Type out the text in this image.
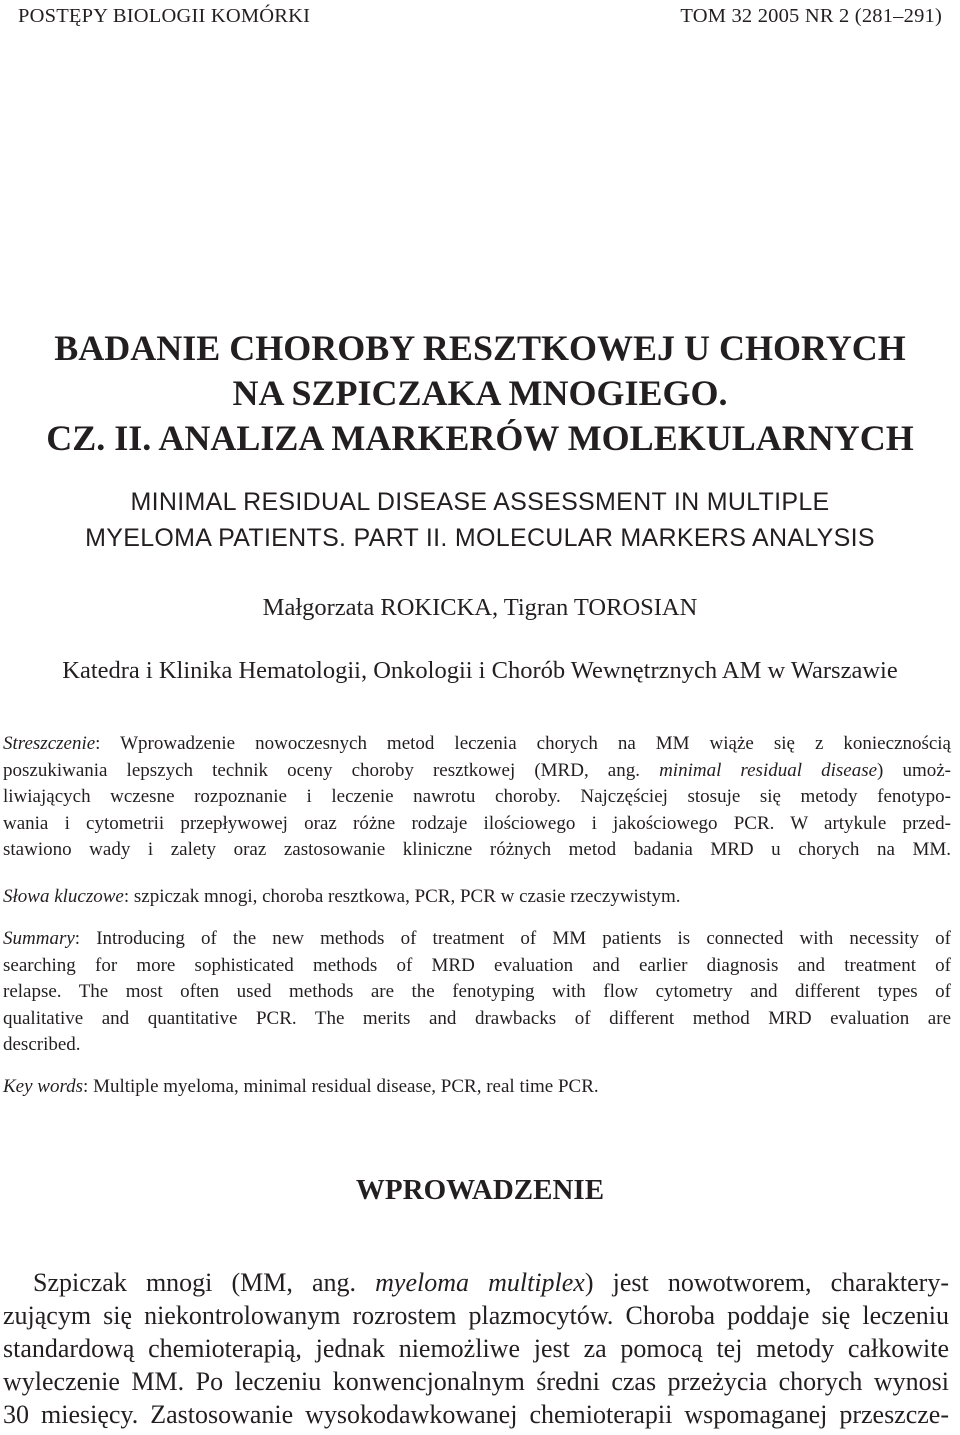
POSTĘPY BIOLOGII KOMÓRKI	TOM 32 2005 NR 2 (281–291)
BADANIE CHOROBY RESZTKOWEJ U CHORYCH
NA SZPICZAKA MNOGIEGO.
CZ. II. ANALIZA MARKERÓW MOLEKULARNYCH
MINIMAL RESIDUAL DISEASE ASSESSMENT IN MULTIPLE
MYELOMA PATIENTS. PART II. MOLECULAR MARKERS ANALYSIS
Małgorzata ROKICKA, Tigran TOROSIAN
Katedra i Klinika Hematologii, Onkologii i Chorób Wewnętrznych AM w Warszawie
Streszczenie: Wprowadzenie nowoczesnych metod leczenia chorych na MM wiąże się z koniecznością
poszukiwania lepszych technik oceny choroby resztkowej (MRD, ang. minimal residual disease) umoż-
liwiających wczesne rozpoznanie i leczenie nawrotu choroby. Najczęściej stosuje się metody fenotypo-
wania i cytometrii przepływowej oraz różne rodzaje ilościowego i jakościowego PCR. W artykule przed-
stawiono wady i zalety oraz zastosowanie kliniczne różnych metod badania MRD u chorych na MM.
Słowa kluczowe: szpiczak mnogi, choroba resztkowa, PCR, PCR w czasie rzeczywistym.
Summary: Introducing of the new methods of treatment of MM patients is connected with necessity of
searching for more sophisticated methods of MRD evaluation and earlier diagnosis and treatment of
relapse. The most often used methods are the fenotyping with flow cytometry and different types of
qualitative and quantitative PCR. The merits and drawbacks of different method MRD evaluation are
described.
Key words: Multiple myeloma, minimal residual disease, PCR, real time PCR.
WPROWADZENIE
Szpiczak mnogi (MM, ang. myeloma multiplex) jest nowotworem, charaktery-
zującym się niekontrolowanym rozrostem plazmocytów. Choroba poddaje się leczeniu
standardową chemioterapią, jednak niemożliwe jest za pomocą tej metody całkowite
wyleczenie MM. Po leczeniu konwencjonalnym średni czas przeżycia chorych wynosi
30 miesięcy. Zastosowanie wysokodawkowanej chemioterapii wspomaganej przeszcze-
